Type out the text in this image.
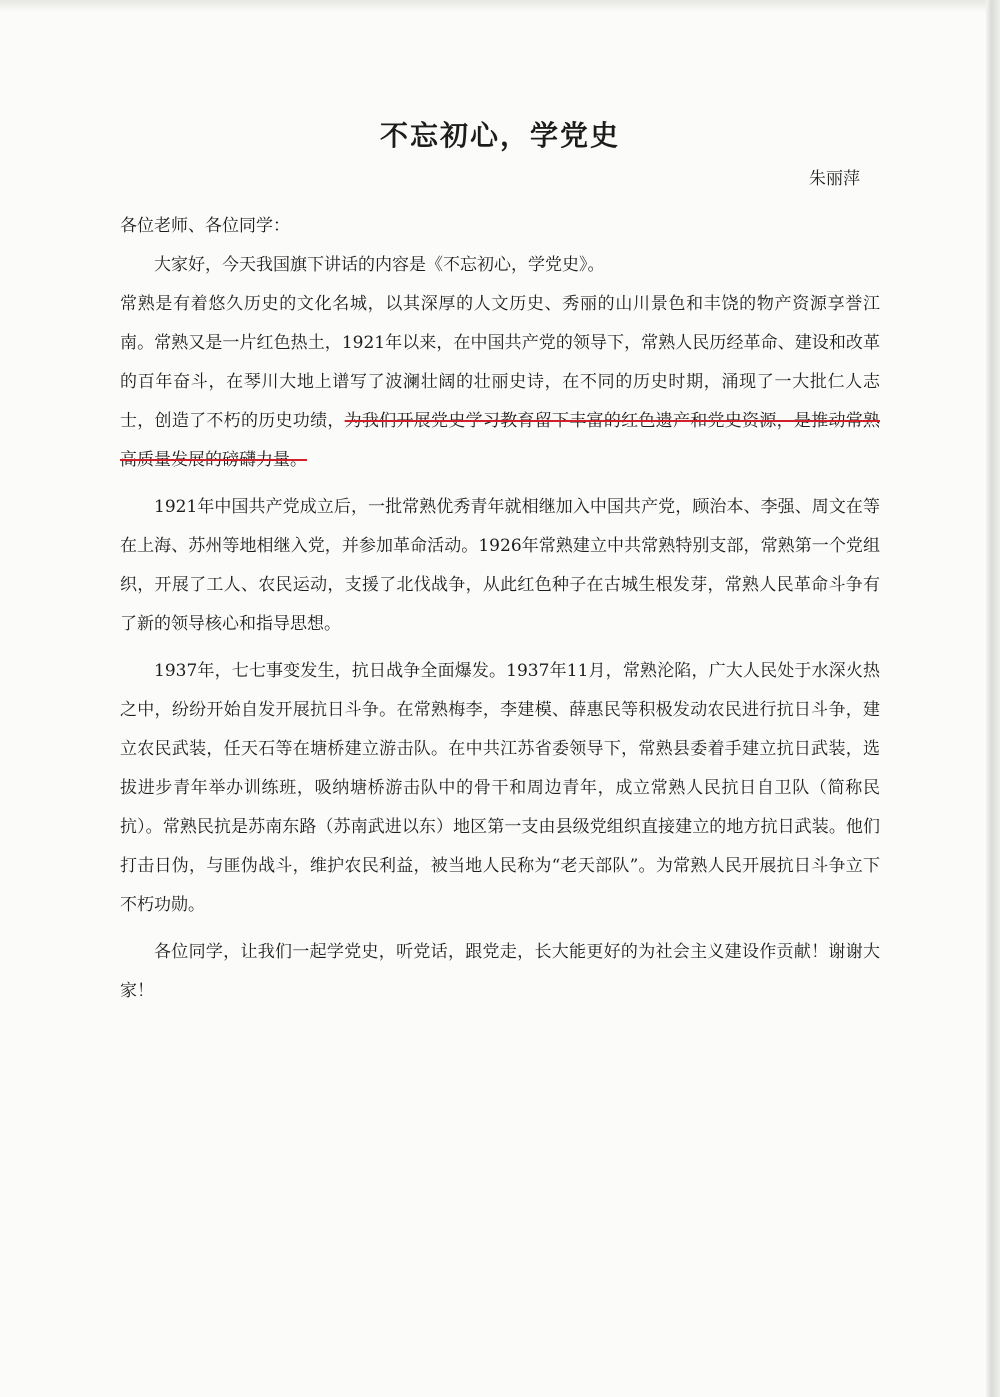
不忘初心，学党史
朱丽萍
各位老师、各位同学：

大家好，今天我国旗下讲话的内容是《不忘初心，学党史》。

常熟是有着悠久历史的文化名城，以其深厚的人文历史、秀丽的山川景色和丰饶的物产资源享誉江南。常熟又是一片红色热土，1921年以来，在中国共产党的领导下，常熟人民历经革命、建设和改革的百年奋斗，在琴川大地上谱写了波澜壮阔的壮丽史诗，在不同的历史时期，涌现了一大批仁人志士，创造了不朽的历史功绩，为我们开展党史学习教育留下丰富的红色遗产和党史资源，是推动常熟高质量发展的磅礴力量。

1921年中国共产党成立后，一批常熟优秀青年就相继加入中国共产党，顾治本、李强、周文在等在上海、苏州等地相继入党，并参加革命活动。1926年常熟建立中共常熟特别支部，常熟第一个党组织，开展了工人、农民运动，支援了北伐战争，从此红色种子在古城生根发芽，常熟人民革命斗争有了新的领导核心和指导思想。

1937年，七七事变发生，抗日战争全面爆发。1937年11月，常熟沦陷，广大人民处于水深火热之中，纷纷开始自发开展抗日斗争。在常熟梅李，李建模、薛惠民等积极发动农民进行抗日斗争，建立农民武装，任天石等在塘桥建立游击队。在中共江苏省委领导下，常熟县委着手建立抗日武装，选拔进步青年举办训练班，吸纳塘桥游击队中的骨干和周边青年，成立常熟人民抗日自卫队（简称民抗）。常熟民抗是苏南东路（苏南武进以东）地区第一支由县级党组织直接建立的地方抗日武装。他们打击日伪，与匪伪战斗，维护农民利益，被当地人民称为“老天部队”。为常熟人民开展抗日斗争立下不朽功勋。

各位同学，让我们一起学党史，听党话，跟党走，长大能更好的为社会主义建设作贡献！谢谢大家！
